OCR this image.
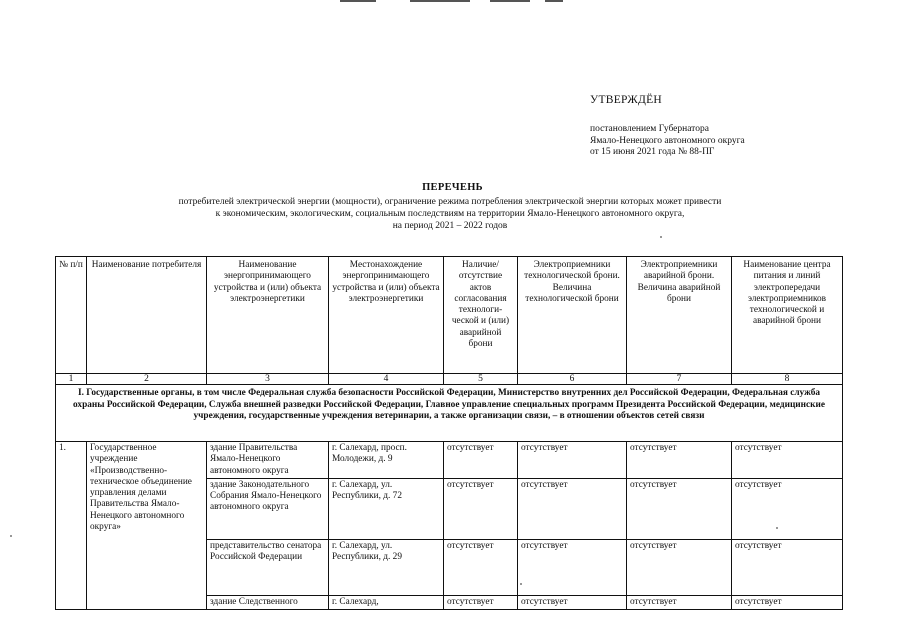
УТВЕРЖДЁН
постановлением Губернатора
Ямало-Ненецкого автономного округа
от 15 июня 2021 года № 88-ПГ
ПЕРЕЧЕНЬ
потребителей электрической энергии (мощности), ограничение режима потребления электрической энергии которых может привести
к экономическим, экологическим, социальным последствиям на территории Ямало-Ненецкого автономного округа,
на период 2021 – 2022 годов
№ п/п	Наименование потребителя	Наименование энергопринимающего устройства и (или) объекта электроэнергетики	Местонахождение энергопринимающего устройства и (или) объекта электроэнергетики	Наличие/ отсутствие актов согласования технологи-ческой и (или) аварийной брони	Электроприемники технологической брони. Величина технологической брони	Электроприемники аварийной брони. Величина аварийной брони	Наименование центра питания и линий электропередачи электроприемников технологической и аварийной брони
1	2	3	4	5	6	7	8
I. Государственные органы, в том числе Федеральная служба безопасности Российской Федерации, Министерство внутренних дел Российской Федерации, Федеральная служба охраны Российской Федерации, Служба внешней разведки Российской Федерации, Главное управление специальных программ Президента Российской Федерации, медицинские учреждения, государственные учреждения ветеринарии, а также организации связи, – в отношении объектов сетей связи							
1.	Государственное учреждение «Производственно-техническое объединение управления делами Правительства Ямало-Ненецкого автономного округа»	здание Правительства Ямало-Ненецкого автономного округа	г. Салехард, просп. Молодежи, д. 9	отсутствует	отсутствует	отсутствует	отсутствует
		здание Законодательного Собрания Ямало-Ненецкого автономного округа	г. Салехард, ул. Республики, д. 72	отсутствует	отсутствует	отсутствует	отсутствует
		представительство сенатора Российской Федерации	г. Салехард, ул. Республики, д. 29	отсутствует	отсутствует	отсутствует	отсутствует
		здание Следственного	г. Салехард,	отсутствует	отсутствует	отсутствует	отсутствует
